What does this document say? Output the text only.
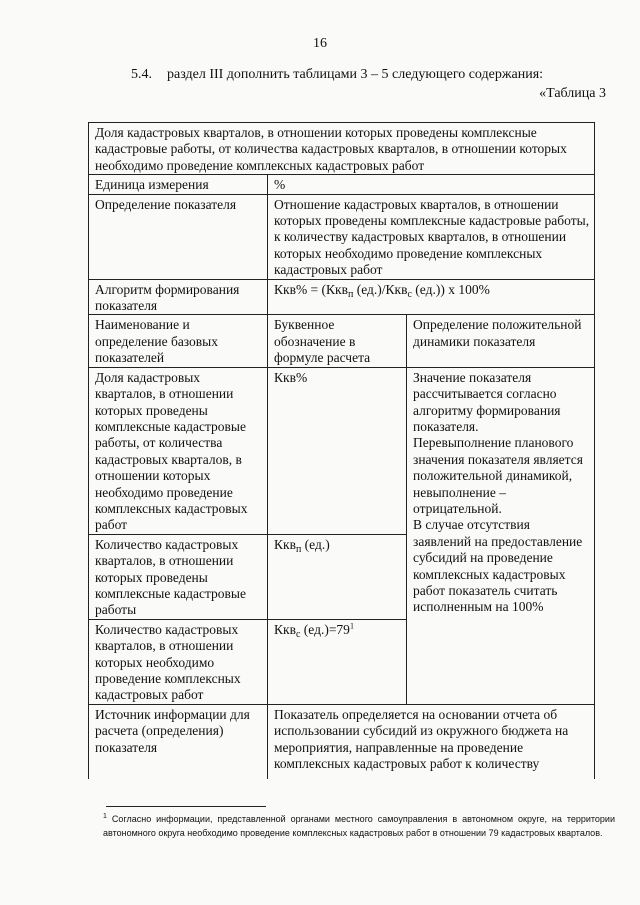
16
5.4. раздел III дополнить таблицами 3 – 5 следующего содержания:
«Таблица 3
Доля кадастровых кварталов, в отношении которых проведены комплексные кадастровые работы, от количества кадастровых кварталов, в отношении которых необходимо проведение комплексных кадастровых работ		
Единица измерения	%	
Определение показателя	Отношение кадастровых кварталов, в отношении которых проведены комплексные кадастровые работы, к количеству кадастровых кварталов, в отношении которых необходимо проведение комплексных кадастровых работ	
Алгоритм формирования показателя	Ккв% = (Ккв$_п$ (ед.)/Ккв$_с$ (ед.)) х 100%	
Наименование и определение базовых показателей	Буквенное обозначение в формуле расчета	Определение положительной динамики показателя
Доля кадастровых кварталов, в отношении которых проведены комплексные кадастровые работы, от количества кадастровых кварталов, в отношении которых необходимо проведение комплексных кадастровых работ	Ккв%	Значение показателя рассчитывается согласно алгоритму формирования показателя.
Перевыполнение планового значения показателя является положительной динамикой, невыполнение – отрицательной.
В случае отсутствия заявлений на предоставление субсидий на проведение комплексных кадастровых работ показатель считать исполненным на 100%

Количество кадастровых кварталов, в отношении которых проведены комплексные кадастровые работы	Ккв$_п$ (ед.)	
Количество кадастровых кварталов, в отношении которых необходимо проведение комплексных кадастровых работ	Ккв$_с$ $(ед.)=79^1$
Источник информации для расчета (определения) показателя	Показатель определяется на основании отчета об использовании субсидий из окружного бюджета на мероприятия, направленные на проведение комплексных кадастровых работ к количеству	
$^1$ Согласно информации, представленной органами местного самоуправления в автономном округе, на территории автономного округа необходимо проведение комплексных кадастровых работ в отношении 79 кадастровых кварталов.
